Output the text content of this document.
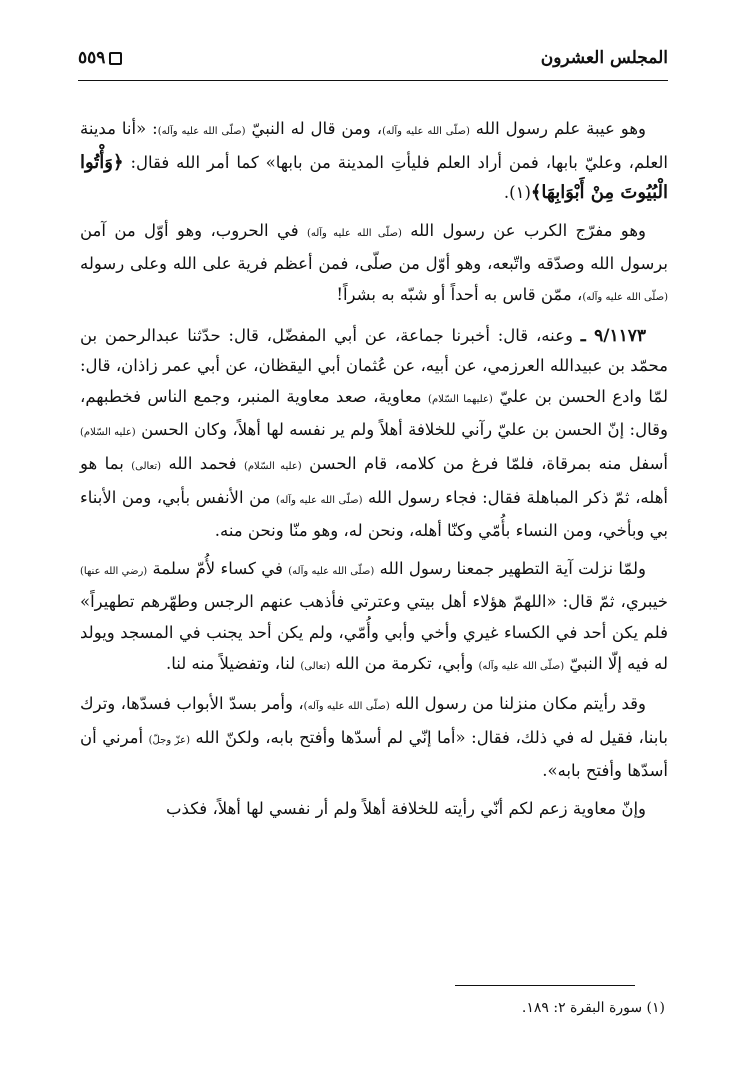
المجلس العشرون
٥٥٩

وهو عيبة علم رسول الله (صلّى الله عليه وآله)، ومن قال له النبيّ (صلّى الله عليه وآله): «أنا مدينة العلم، وعليّ بابها، فمن أراد العلم فليأتِ المدينة من بابها» كما أمر الله فقال: ﴿وَأْتُوا الْبُيُوتَ مِنْ أَبْوَابِهَا﴾(١).

وهو مفرّج الكرب عن رسول الله (صلّى الله عليه وآله) في الحروب، وهو أوّل من آمن برسول الله وصدّقه واتّبعه، وهو أوّل من صلّى، فمن أعظم فرية على الله وعلى رسوله (صلّى الله عليه وآله)، ممّن قاس به أحداً أو شبّه به بشراً!

٩/١١٧٣ ـ وعنه، قال: أخبرنا جماعة، عن أبي المفضّل، قال: حدّثنا عبدالرحمن بن محمّد بن عبيدالله العرزمي، عن أبيه، عن عُثمان أبي اليقظان، عن أبي عمر زاذان، قال: لمّا وادع الحسن بن عليّ (عليهما السّلام) معاوية، صعد معاوية المنبر، وجمع الناس فخطبهم، وقال: إنّ الحسن بن عليّ رآني للخلافة أهلاً ولم ير نفسه لها أهلاً، وكان الحسن (عليه السّلام) أسفل منه بمرقاة، فلمّا فرغ من كلامه، قام الحسن (عليه السّلام) فحمد الله (تعالى) بما هو أهله، ثمّ ذكر المباهلة فقال: فجاء رسول الله (صلّى الله عليه وآله) من الأنفس بأبي، ومن الأبناء بي وبأخي، ومن النساء بأُمّي وكنّا أهله، ونحن له، وهو منّا ونحن منه.

ولمّا نزلت آية التطهير جمعنا رسول الله (صلّى الله عليه وآله) في كساء لأُمّ سلمة (رضي الله عنها) خيبري، ثمّ قال: «اللهمّ هؤلاء أهل بيتي وعترتي فأذهب عنهم الرجس وطهّرهم تطهيراً» فلم يكن أحد في الكساء غيري وأخي وأبي وأُمّي، ولم يكن أحد يجنب في المسجد ويولد له فيه إلّا النبيّ (صلّى الله عليه وآله) وأبي، تكرمة من الله (تعالى) لنا، وتفضيلاً منه لنا.

وقد رأيتم مكان منزلنا من رسول الله (صلّى الله عليه وآله)، وأمر بسدّ الأبواب فسدّها، وترك بابنا، فقيل له في ذلك، فقال: «أما إنّي لم أسدّها وأفتح بابه، ولكنّ الله (عزّ وجلّ) أمرني أن أسدّها وأفتح بابه».

وإنّ معاوية زعم لكم أنّي رأيته للخلافة أهلاً ولم أر نفسي لها أهلاً، فكذب

(١) سورة البقرة ٢: ١٨٩.
